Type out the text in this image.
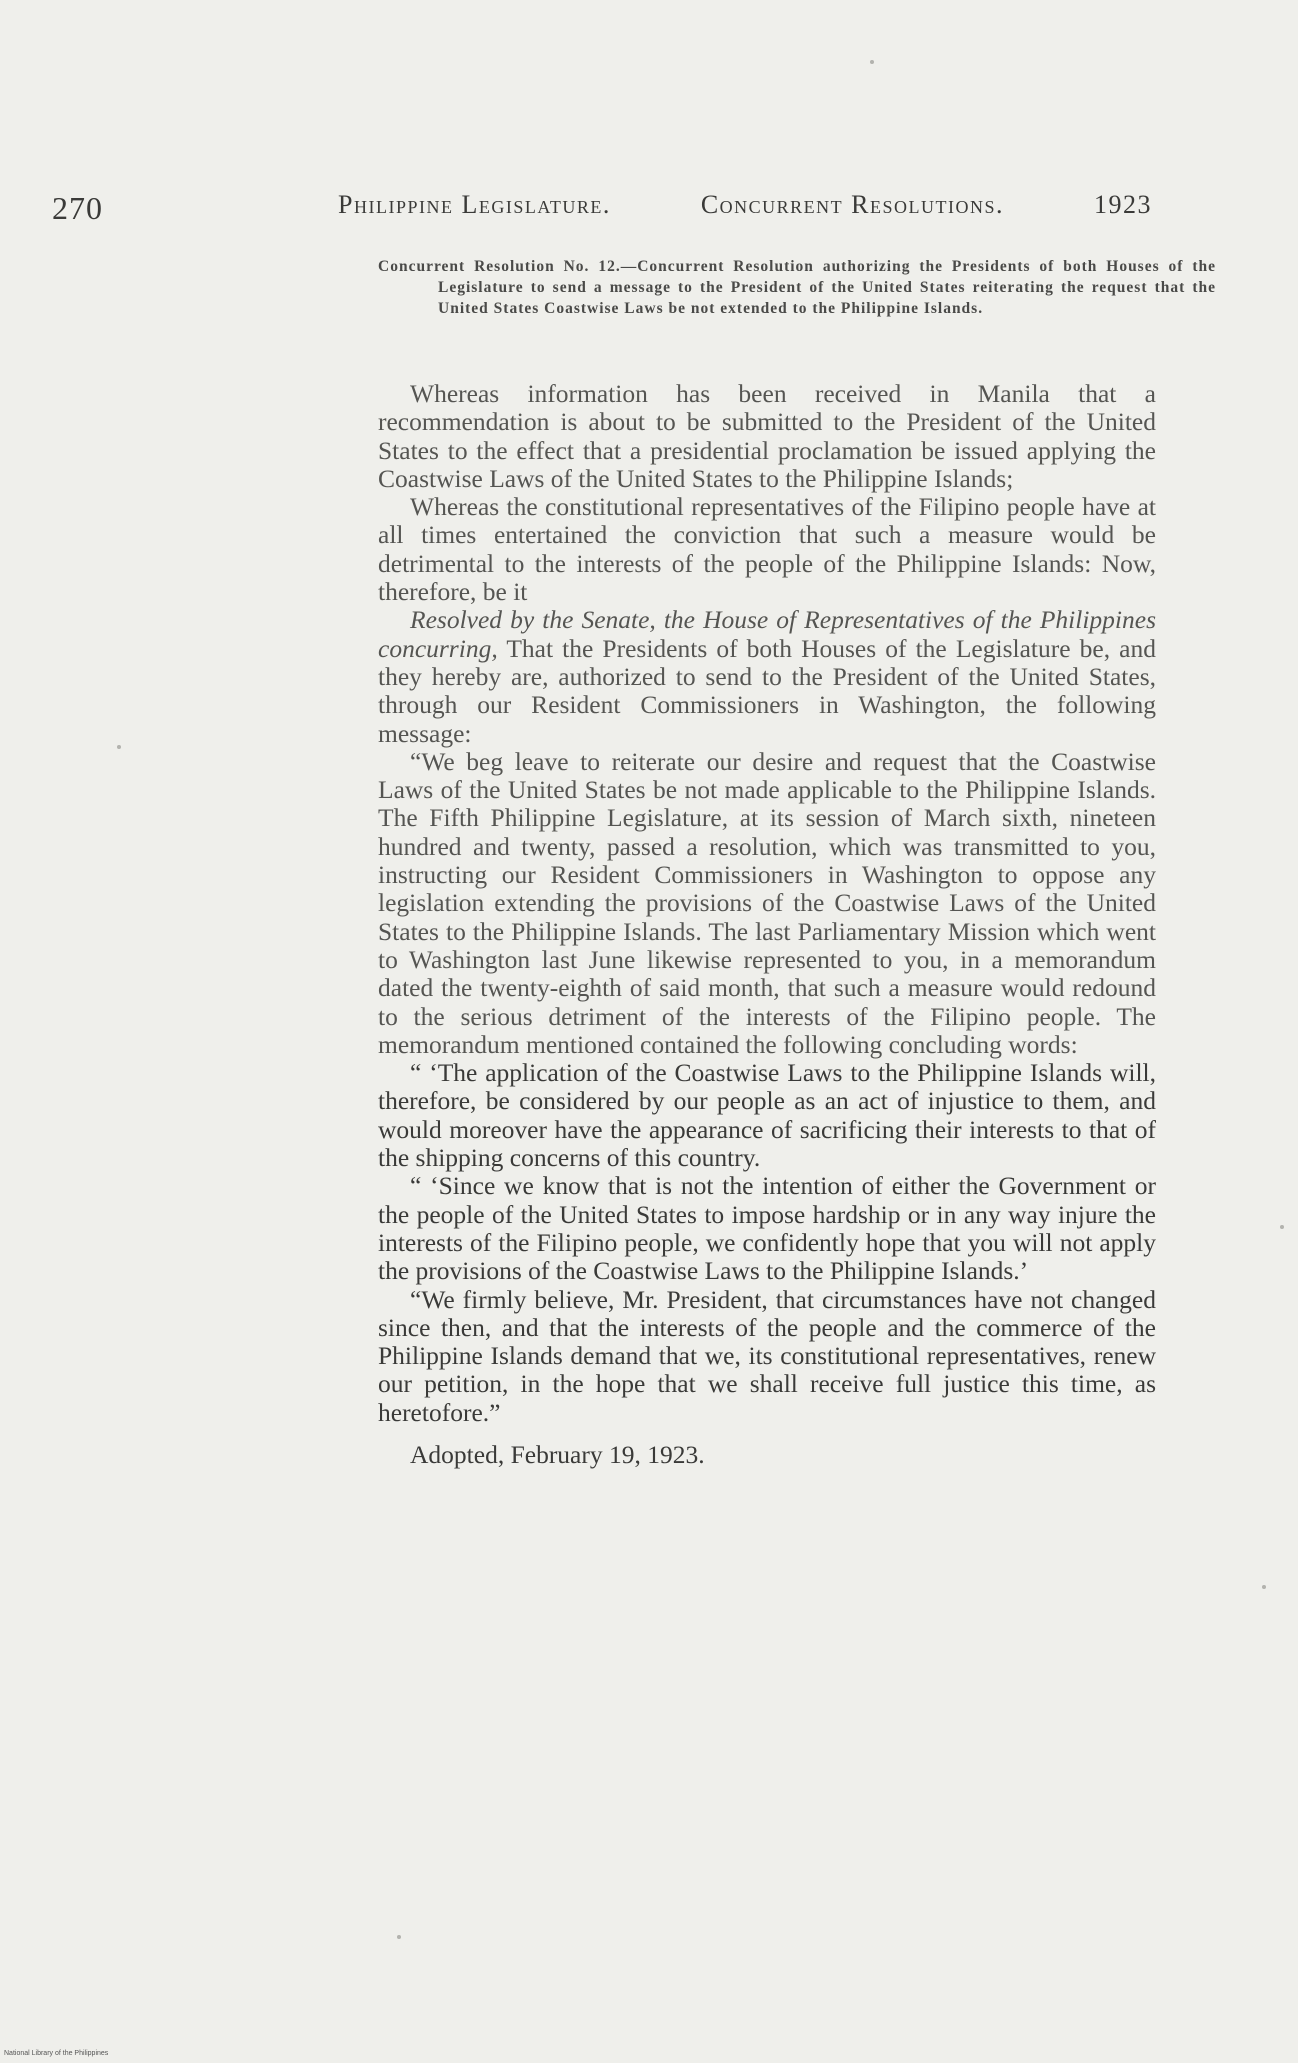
270	Philippine Legislature.	Concurrent Resolutions.	1923
Concurrent Resolution No. 12.—Concurrent Resolution authorizing the Presidents of both Houses of the Legislature to send a message to the President of the United States reiterating the request that the United States Coastwise Laws be not extended to the Philippine Islands.

Whereas information has been received in Manila that a recommendation is about to be submitted to the President of the United States to the effect that a presidential proclamation be issued applying the Coastwise Laws of the United States to the Philippine Islands;

Whereas the constitutional representatives of the Filipino people have at all times entertained the conviction that such a measure would be detrimental to the interests of the people of the Philippine Islands: Now, therefore, be it

Resolved by the Senate, the House of Representatives of the Philippines concurring, That the Presidents of both Houses of the Legislature be, and they hereby are, authorized to send to the President of the United States, through our Resident Commissioners in Washington, the following message:

“We beg leave to reiterate our desire and request that the Coastwise Laws of the United States be not made applicable to the Philippine Islands. The Fifth Philippine Legislature, at its session of March sixth, nineteen hundred and twenty, passed a resolution, which was transmitted to you, instructing our Resident Commissioners in Washington to oppose any legislation extending the provisions of the Coastwise Laws of the United States to the Philippine Islands. The last Parliamentary Mission which went to Washington last June likewise represented to you, in a memorandum dated the twenty-eighth of said month, that such a measure would redound to the serious detriment of the interests of the Filipino people. The memorandum mentioned contained the following concluding words:

“ ‘The application of the Coastwise Laws to the Philippine Islands will, therefore, be considered by our people as an act of injustice to them, and would moreover have the appearance of sacrificing their interests to that of the shipping concerns of this country.

“ ‘Since we know that is not the intention of either the Government or the people of the United States to impose hardship or in any way injure the interests of the Filipino people, we confidently hope that you will not apply the provisions of the Coastwise Laws to the Philippine Islands.’

“We firmly believe, Mr. President, that circumstances have not changed since then, and that the interests of the people and the commerce of the Philippine Islands demand that we, its constitutional representatives, renew our petition, in the hope that we shall receive full justice this time, as heretofore.”

Adopted, February 19, 1923.

National Library of the Philippines
